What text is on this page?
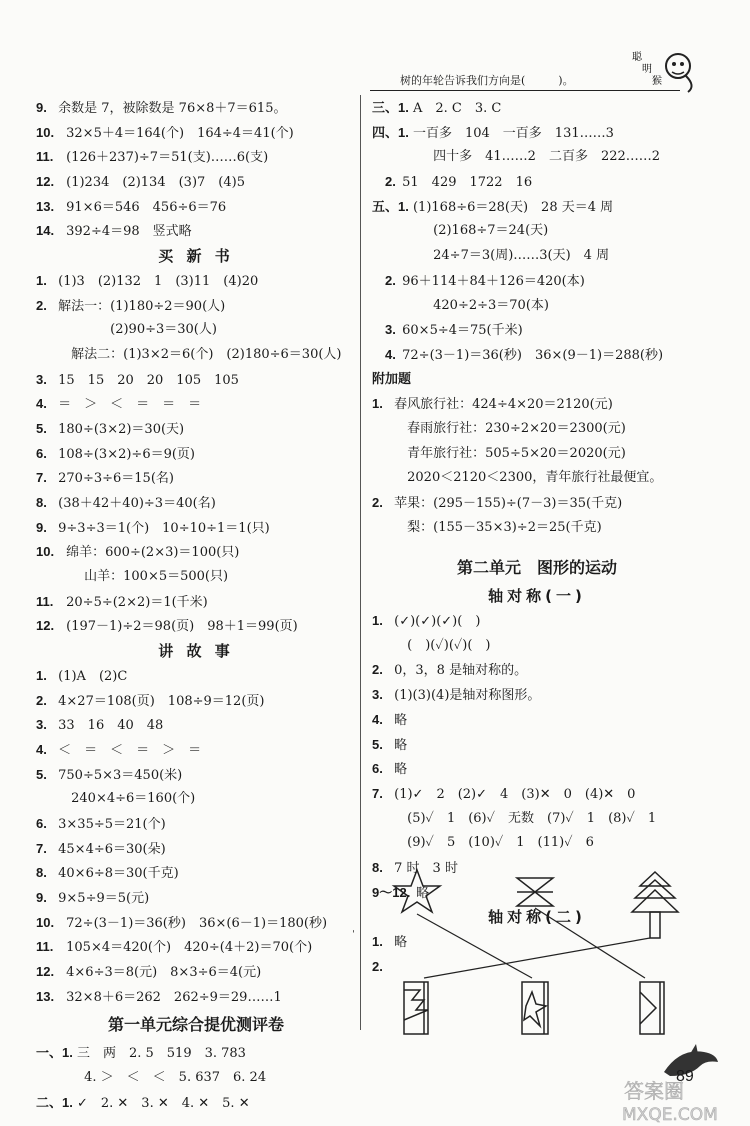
树的年轮告诉我们方向是(　　　)。
聪
明
猴
ˈ
9. 余数是 7，被除数是 76×8＋7＝615。
10. 32×5＋4＝164(个)　164÷4＝41(个)
11. (126＋237)÷7＝51(支)……6(支)
12. (1)234　(2)134　(3)7　(4)5
13. 91×6＝546　456÷6＝76
14. 392÷4＝98　竖式略
买 新 书
1. (1)3　(2)132　1　(3)11　(4)20
2. 解法一：(1)180÷2＝90(人)
　　　　(2)90÷3＝30(人)
　解法二：(1)3×2＝6(个)　(2)180÷6＝30(人)
3. 15　15　20　20　105　105
4. ＝　＞　＜　＝　＝　＝
5. 180÷(3×2)＝30(天)
6. 108÷(3×2)÷6＝9(页)
7. 270÷3÷6＝15(名)
8. (38＋42＋40)÷3＝40(名)
9. 9÷3÷3＝1(个)　10÷10÷1＝1(只)
10. 绵羊：600÷(2×3)＝100(只)
　　山羊：100×5＝500(只)
11. 20÷5÷(2×2)＝1(千米)
12. (197－1)÷2＝98(页)　98＋1＝99(页)
讲 故 事
1. (1)A　(2)C
2. 4×27＝108(页)　108÷9＝12(页)
3. 33　16　40　48
4. ＜　＝　＜　＝　＞　＝
5. 750÷5×3＝450(米)
　240×4÷6＝160(个)
6. 3×35÷5＝21(个)
7. 45×4÷6＝30(朵)
8. 40×6÷8＝30(千克)
9. 9×5÷9＝5(元)
10. 72÷(3－1)＝36(秒)　36×(6－1)＝180(秒)
11. 105×4＝420(个)　420÷(4＋2)＝70(个)
12. 4×6÷3＝8(元)　8×3÷6＝4(元)
13. 32×8＋6＝262　262÷9＝29……1
第一单元综合提优测评卷
一、1. 三　两　2. 5　519　3. 783
　　4. ＞　＜　＜　5. 637　6. 24
二、1. ✓　2. ✕　3. ✕　4. ✕　5. ✕
三、1. A　2. C　3. C
四、1. 一百多　104　一百多　131……3
　　　四十多　41……2　二百多　222……2
　2. 51　429　1722　16
五、1. (1)168÷6＝28(天)　28 天＝4 周
　　　(2)168÷7＝24(天)
　　　24÷7＝3(周)……3(天)　4 周
　2. 96＋114＋84＋126＝420(本)
　　　420÷2÷3＝70(本)
　3. 60×5÷4＝75(千米)
　4. 72÷(3－1)＝36(秒)　36×(9－1)＝288(秒)
附加题
1. 春风旅行社：424÷4×20＝2120(元)
　春雨旅行社：230÷2×20＝2300(元)
　青年旅行社：505÷5×20＝2020(元)
　2020＜2120＜2300，青年旅行社最便宜。
2. 苹果：(295－155)÷(7－3)＝35(千克)
　梨：(155－35×3)÷2＝25(千克)
第二单元　图形的运动
轴对称(一)
1. (✓)(✓)(✓)(　)
　(　)(✓)(✓)(　)
2. 0，3，8 是轴对称的。
3. (1)(3)(4)是轴对称图形。
4. 略
5. 略
6. 略
7. (1)✓　2　(2)✓　4　(3)✕　0　(4)✕　0
　(5)✓　1　(6)✓　无数　(7)✓　1　(8)✓　1
　(9)✓　5　(10)✓　1　(11)✓　6
8. 7 时　3 时
9～12. 略
轴对称(二)
1. 略
2.
89
答案圈
MXQE.COM
